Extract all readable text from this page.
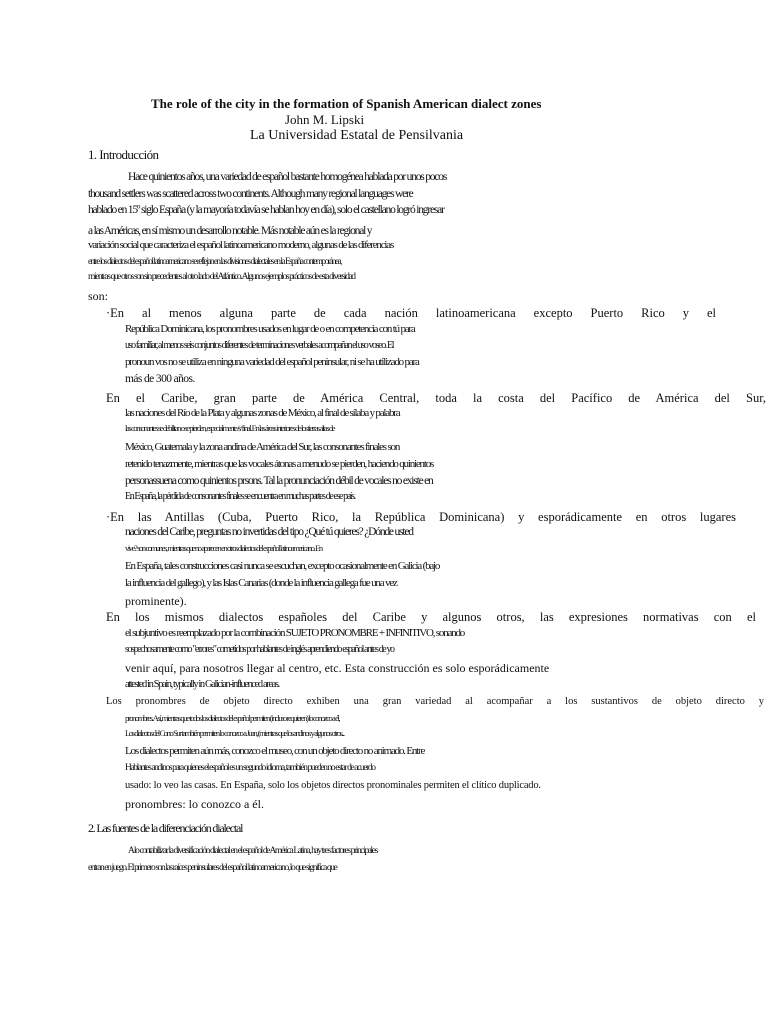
The role of the city in the formation of Spanish American dialect zones
John M. Lipski
La Universidad Estatal de Pensilvania
1. Introducción
Hace quinientos años, una variedad de español bastante homogénea hablada por unos pocos
thousand settlers was scattered across two continents. Although many regional languages were
hablado en 15º siglo España (y la mayoría todavía se hablan hoy en día), solo el castellano logró ingresar
a las Américas, en sí mismo un desarrollo notable. Más notable aún es la regional y
variación social que caracteriza el español latinoamericano moderno, algunas de las diferencias
entre los dialectos del español latinoamericano se reflejan en las divisiones dialectales en la España contemporánea,
mientras que otros son sin precedentes al otro lado del Atlántico. Algunos ejemplos prácticos de esta diversidad
son:
·En al menos alguna parte de cada nación latinoamericana excepto Puerto Rico y el
República Dominicana, los pronombres usados en lugar de o en competencia con tú para
uso familiar, al menos seis conjuntos diferentes de terminaciones verbales acompañan el uso voseo. El
pronoun vos no se utiliza en ninguna variedad del español peninsular, ni se ha utilizado para
más de 300 años.
En el Caribe, gran parte de América Central, toda la costa del Pacífico de América del Sur,
las naciones del Río de la Plata y algunas zonas de México, al final de sílaba y palabra
las consonantes se debilitan o se pierden, especialmente /s/ final. En las áreas interiores de los tierras altas de
México, Guatemala y la zona andina de América del Sur, las consonantes finales son
retenido tenazmente, mientras que las vocales átonas a menudo se pierden, haciendo quinientos
personassuena como quinientos prsons. Tal la pronunciación débil de vocales no existe en
En España, la pérdida de consonantes finales se encuentra en muchas partes de ese país.
·En las Antillas (Cuba, Puerto Rico, la República Dominicana) y esporádicamente en otros lugares
naciones del Caribe, preguntas no invertidas del tipo ¿Qué tú quieres? ¿Dónde usted
vive? son comunes, mientras que no aparecen en otros dialectos del español latinoamericano. En
En España, tales construcciones casi nunca se escuchan, excepto ocasionalmente en Galicia (bajo
la influencia del gallego), y las Islas Canarias (donde la influencia gallega fue una vez
prominente).
En los mismos dialectos españoles del Caribe y algunos otros, las expresiones normativas con el
el subjuntivo es reemplazado por la combinación SUJETO PRONOMBRE + INFINITIVO, sonando
sospechosamente como "errores" cometidos por hablantes de inglés aprendiendo español antes de yo
venir aquí, para nosotros llegar al centro, etc. Esta construcción es solo esporádicamente
attested in Spain, typically in Galician-influenced areas.
Los pronombres de objeto directo exhiben una gran variedad al acompañar a los sustantivos de objeto directo y
pronombres. Así, mientras que todos los dialectos del español permiten (incluso requieren) lo conozco a él,
Los dialectos del Cono Sur también permiten lo conozco a Juan, (mientras que los andinos y algunos otros...
Los dialectos permiten aún más, conozco el museo, con un objeto directo no animado. Entre
Hablantes andinos para quienes el español es un segundo idioma, también pueden no estar de acuerdo
usado: lo veo las casas. En España, solo los objetos directos pronominales permiten el clítico duplicado.
pronombres: lo conozco a él.
2. Las fuentes de la diferenciación dialectal
A lo contabilizar la diversificación dialectal en el español de América Latina, hay tres factores principales
entran en juego. El primero son las raíces peninsulares del español latinoamericano, lo que significa que
